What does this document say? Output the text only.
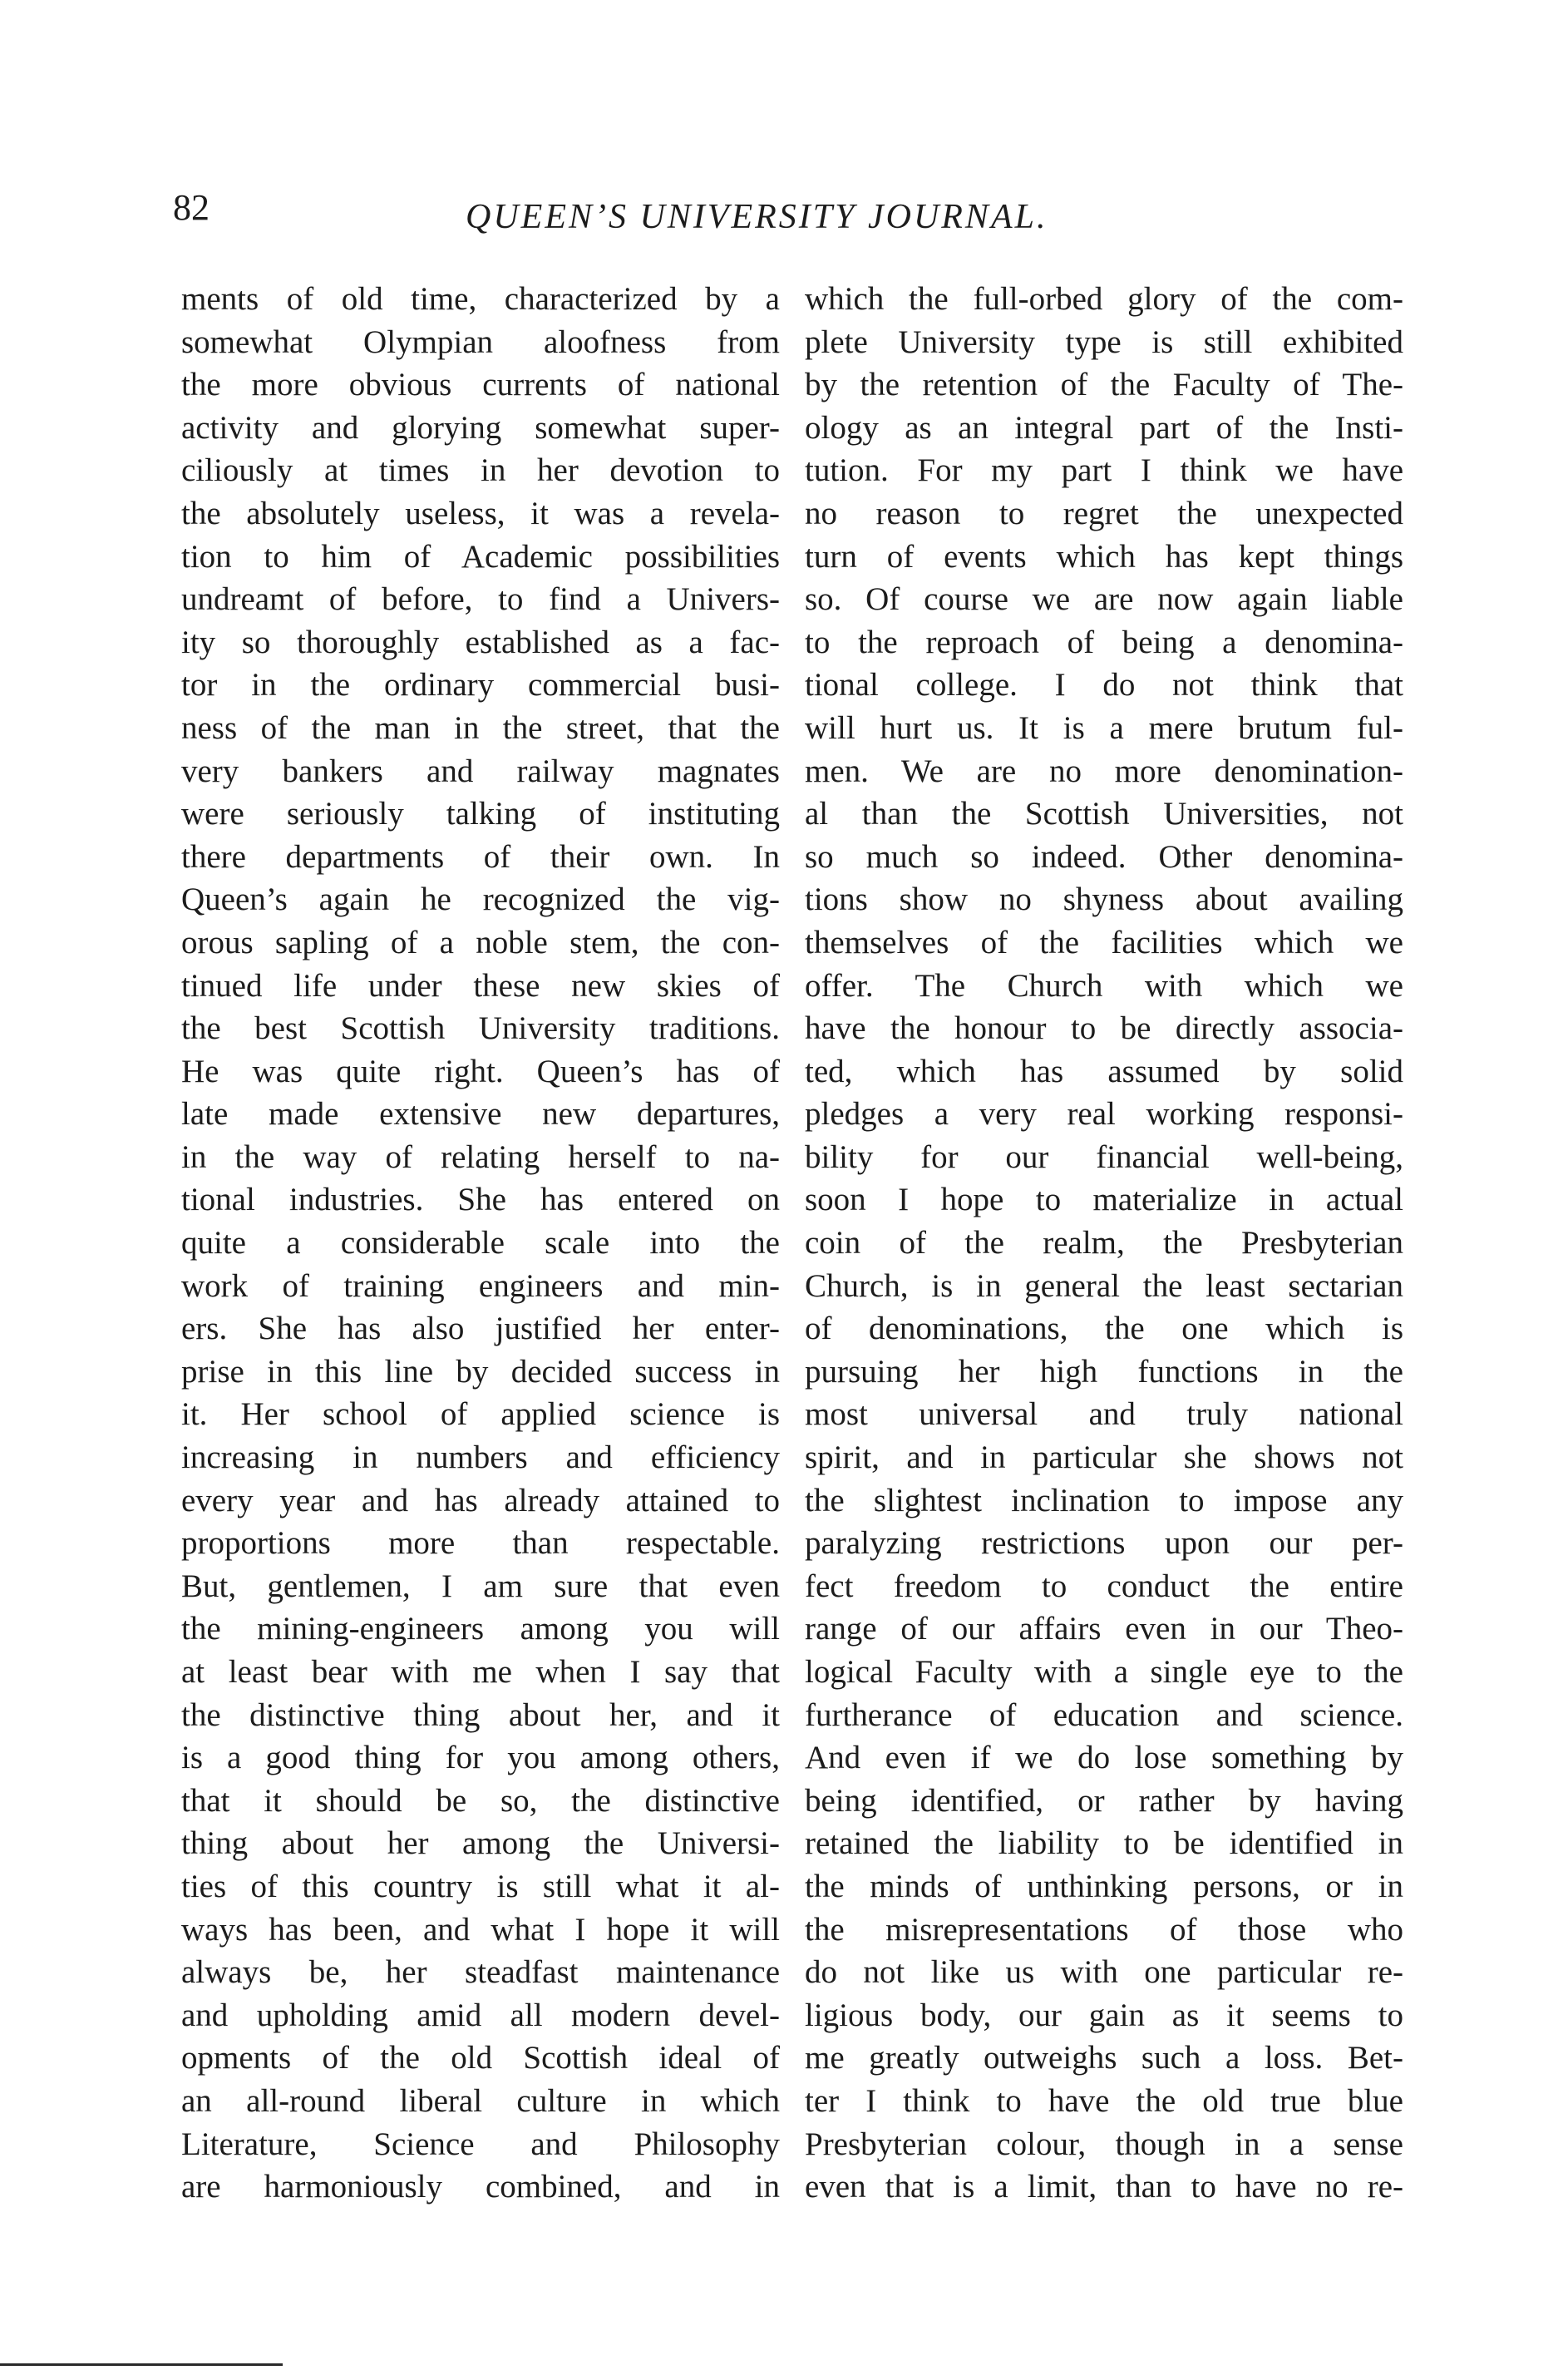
82	QUEEN’S UNIVERSITY JOURNAL.
ments of old time, characterized by a
somewhat Olympian aloofness from
the more obvious currents of national
activity and glorying somewhat super-
ciliously at times in her devotion to
the absolutely useless, it was a revela-
tion to him of Academic possibilities
undreamt of before, to find a Univers-
ity so thoroughly established as a fac-
tor in the ordinary commercial busi-
ness of the man in the street, that the
very bankers and railway magnates
were seriously talking of instituting
there departments of their own. In
Queen’s again he recognized the vig-
orous sapling of a noble stem, the con-
tinued life under these new skies of
the best Scottish University traditions.
He was quite right. Queen’s has of
late made extensive new departures,
in the way of relating herself to na-
tional industries. She has entered on
quite a considerable scale into the
work of training engineers and min-
ers. She has also justified her enter-
prise in this line by decided success in
it. Her school of applied science is
increasing in numbers and efficiency
every year and has already attained to
proportions more than respectable.
But, gentlemen, I am sure that even
the mining-engineers among you will
at least bear with me when I say that
the distinctive thing about her, and it
is a good thing for you among others,
that it should be so, the distinctive
thing about her among the Universi-
ties of this country is still what it al-
ways has been, and what I hope it will
always be, her steadfast maintenance
and upholding amid all modern devel-
opments of the old Scottish ideal of
an all-round liberal culture in which
Literature, Science and Philosophy
are harmoniously combined, and in
which the full-orbed glory of the com-
plete University type is still exhibited
by the retention of the Faculty of The-
ology as an integral part of the Insti-
tution. For my part I think we have
no reason to regret the unexpected
turn of events which has kept things
so. Of course we are now again liable
to the reproach of being a denomina-
tional college. I do not think that
will hurt us. It is a mere brutum ful-
men. We are no more denomination-
al than the Scottish Universities, not
so much so indeed. Other denomina-
tions show no shyness about availing
themselves of the facilities which we
offer. The Church with which we
have the honour to be directly associa-
ted, which has assumed by solid
pledges a very real working responsi-
bility for our financial well-being,
soon I hope to materialize in actual
coin of the realm, the Presbyterian
Church, is in general the least sectarian
of denominations, the one which is
pursuing her high functions in the
most universal and truly national
spirit, and in particular she shows not
the slightest inclination to impose any
paralyzing restrictions upon our per-
fect freedom to conduct the entire
range of our affairs even in our Theo-
logical Faculty with a single eye to the
furtherance of education and science.
And even if we do lose something by
being identified, or rather by having
retained the liability to be identified in
the minds of unthinking persons, or in
the misrepresentations of those who
do not like us with one particular re-
ligious body, our gain as it seems to
me greatly outweighs such a loss. Bet-
ter I think to have the old true blue
Presbyterian colour, though in a sense
even that is a limit, than to have no re-
